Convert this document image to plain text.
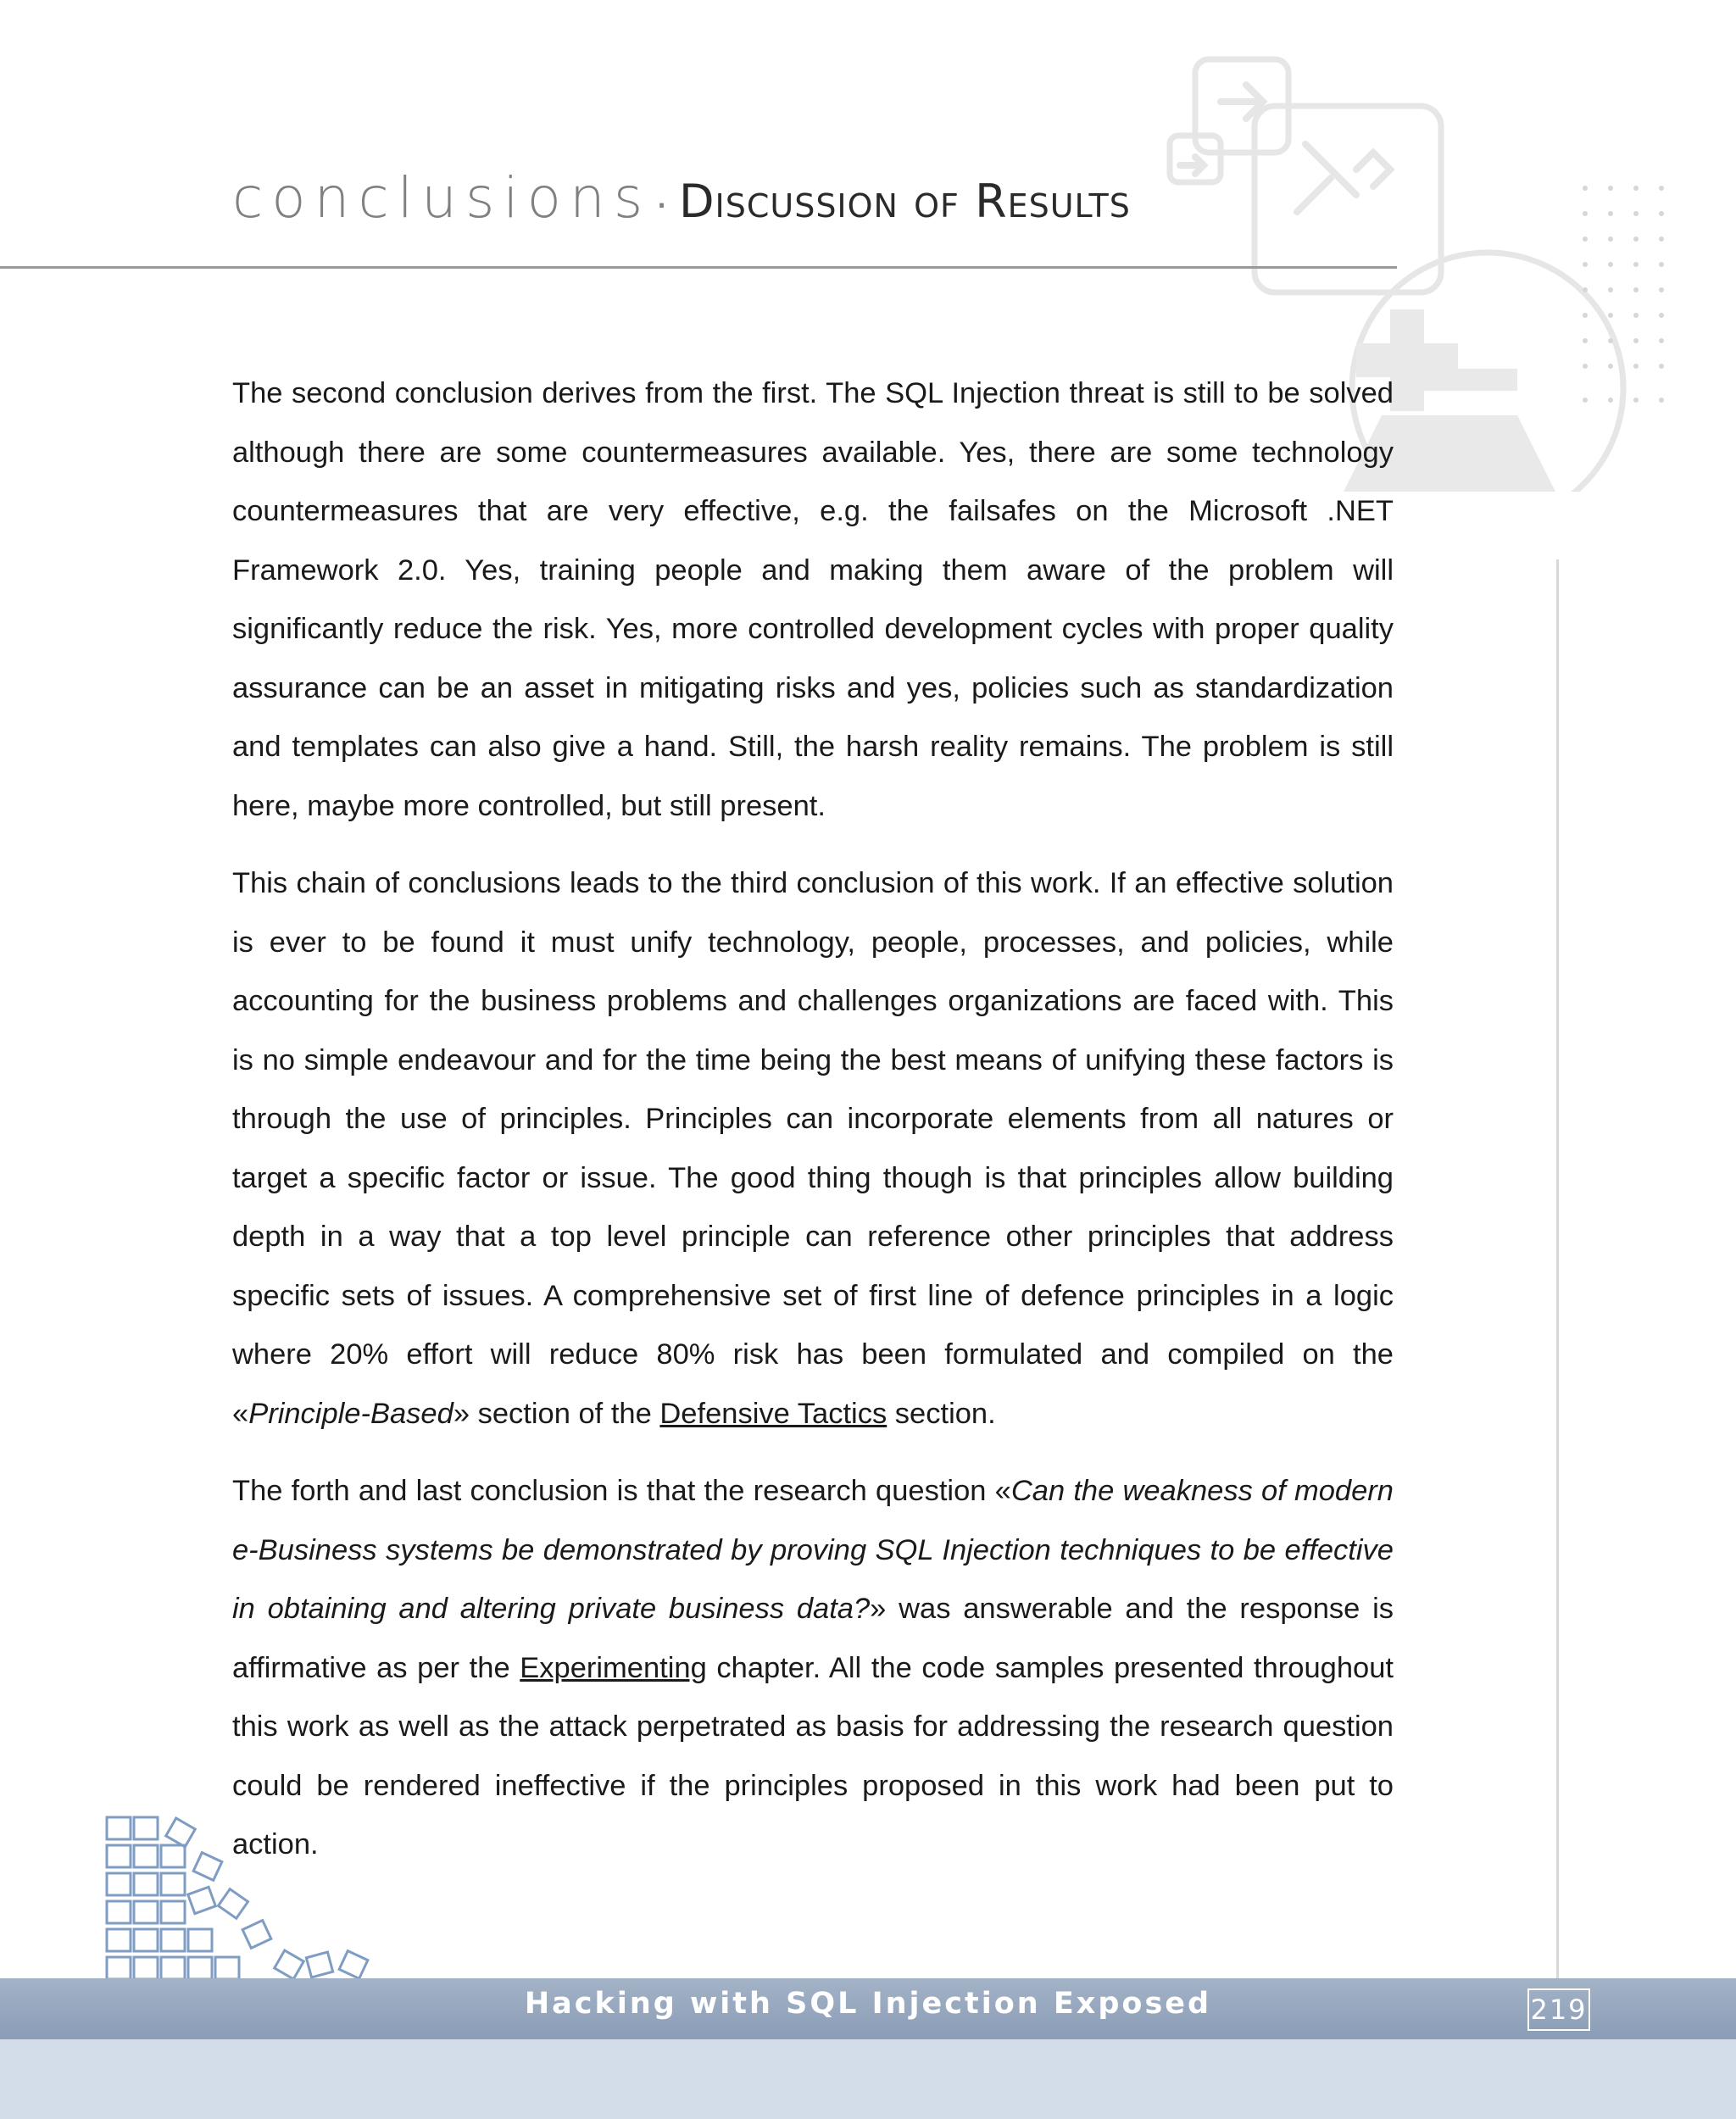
conclusions· Discussion of Results

The second conclusion derives from the first. The SQL Injection threat is still to be solved although there are some countermeasures available. Yes, there are some technology countermeasures that are very effective, e.g. the failsafes on the Microsoft .NET Framework 2.0. Yes, training people and making them aware of the problem will significantly reduce the risk. Yes, more controlled development cycles with proper quality assurance can be an asset in mitigating risks and yes, policies such as standardization and templates can also give a hand. Still, the harsh reality remains. The problem is still here, maybe more controlled, but still present.

This chain of conclusions leads to the third conclusion of this work. If an effective solution is ever to be found it must unify technology, people, processes, and policies, while accounting for the business problems and challenges organizations are faced with. This is no simple endeavour and for the time being the best means of unifying these factors is through the use of principles. Principles can incorporate elements from all natures or target a specific factor or issue. The good thing though is that principles allow building depth in a way that a top level principle can reference other principles that address specific sets of issues. A comprehensive set of first line of defence principles in a logic where 20% effort will reduce 80% risk has been formulated and compiled on the «Principle-Based» section of the Defensive Tactics section.

The forth and last conclusion is that the research question «Can the weakness of modern e-Business systems be demonstrated by proving SQL Injection techniques to be effective in obtaining and altering private business data?» was answerable and the response is affirmative as per the Experimenting chapter. All the code samples presented throughout this work as well as the attack perpetrated as basis for addressing the research question could be rendered ineffective if the principles proposed in this work had been put to action.

Hacking with SQL Injection Exposed	219
